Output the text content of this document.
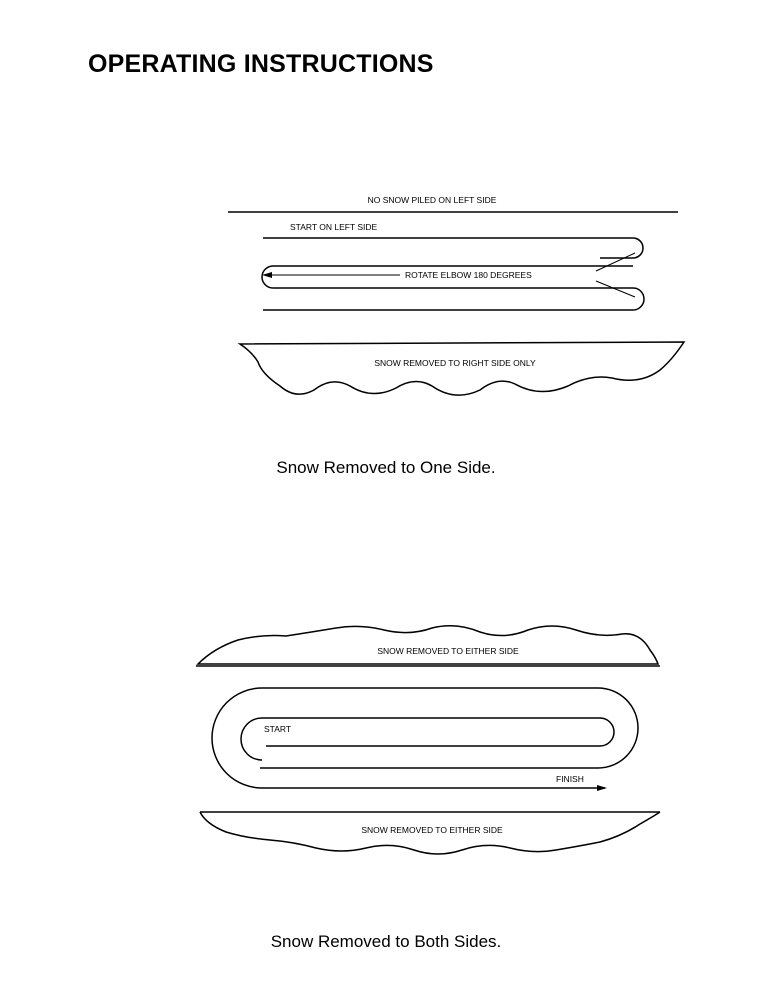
OPERATING INSTRUCTIONS
NO SNOW PILED ON LEFT SIDE
START ON LEFT SIDE
ROTATE ELBOW 180 DEGREES
SNOW REMOVED TO RIGHT SIDE ONLY

Snow Removed to One Side.

SNOW REMOVED TO EITHER SIDE
START
FINISH
SNOW REMOVED TO EITHER SIDE

Snow Removed to Both Sides.
